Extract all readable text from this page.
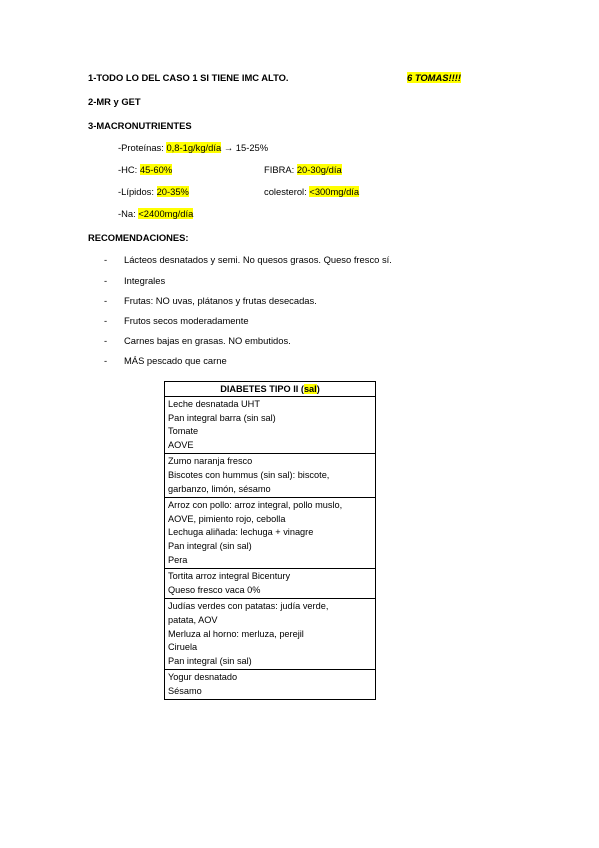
1-TODO LO DEL CASO 1 SI TIENE IMC ALTO.	6 TOMAS!!!!
2-MR y GET
3-MACRONUTRIENTES
-Proteínas: 0,8-1g/kg/día → 15-25%
-HC: 45-60%	FIBRA: 20-30g/día
-Lípidos: 20-35%	colesterol: <300mg/día
-Na: <2400mg/día
RECOMENDACIONES:
- Lácteos desnatados y semi. No quesos grasos. Queso fresco sí.
- Integrales
- Frutas: NO uvas, plátanos y frutas desecadas.
- Frutos secos moderadamente
- Carnes bajas en grasas. NO embutidos.
- MÁS pescado que carne
DIABETES TIPO II (sal)

Leche desnatada UHT
Pan integral barra (sin sal)
Tomate
AOVE

Zumo naranja fresco
Biscotes con hummus (sin sal): biscote,
garbanzo, limón, sésamo

Arroz con pollo: arroz integral, pollo muslo,
AOVE, pimiento rojo, cebolla
Lechuga aliñada: lechuga + vinagre
Pan integral (sin sal)
Pera

Tortita arroz integral Bicentury
Queso fresco vaca 0%

Judías verdes con patatas: judía verde,
patata, AOV
Merluza al horno: merluza, perejil
Ciruela
Pan integral (sin sal)

Yogur desnatado
Sésamo
